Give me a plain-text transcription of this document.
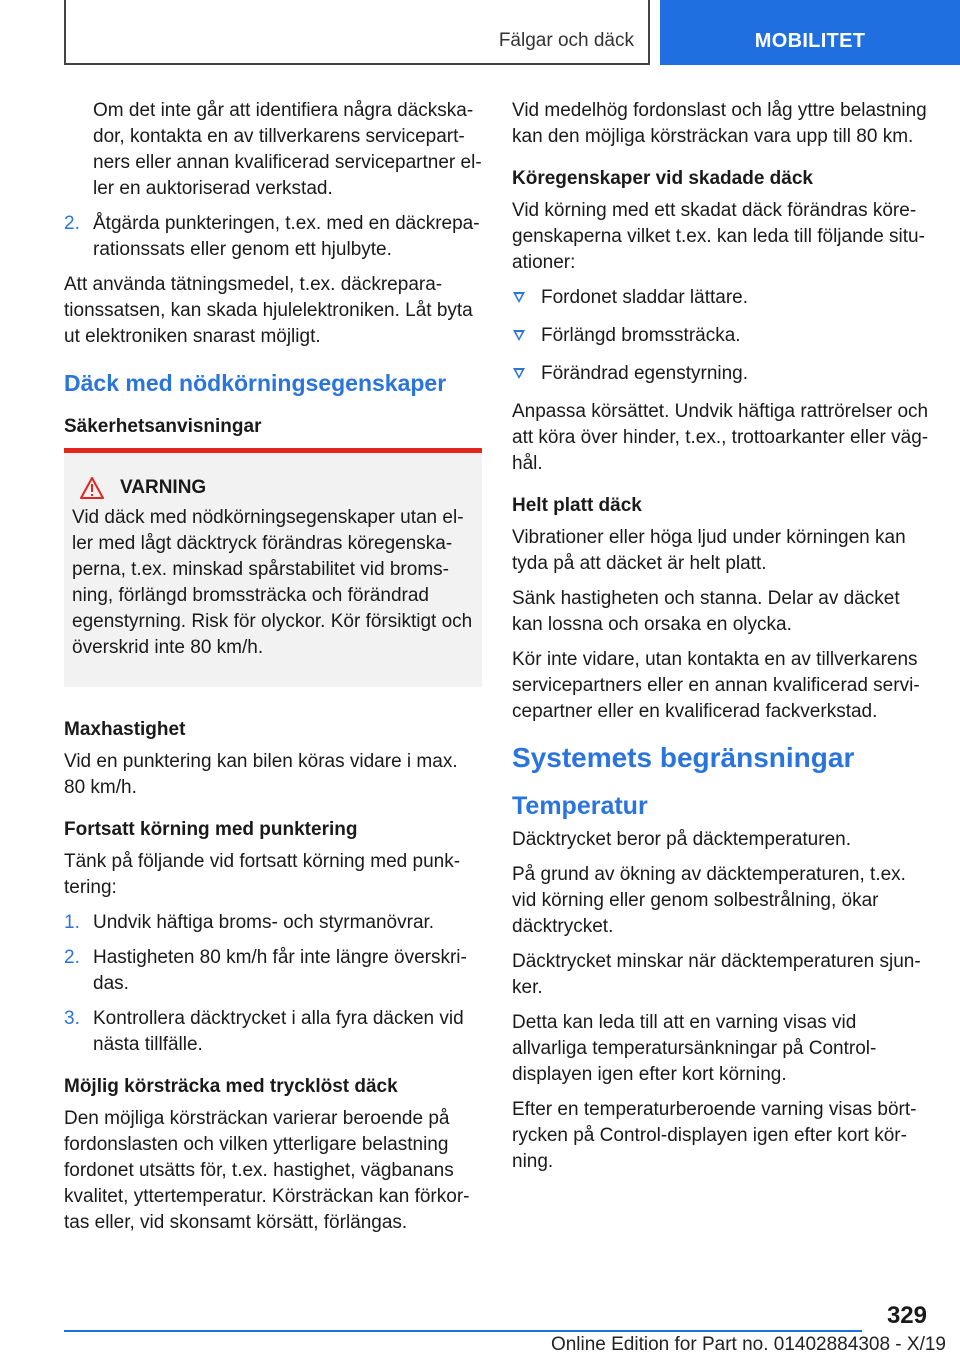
Fälgar och däck	MOBILITET

Om det inte går att identifiera några däckskador, kontakta en av tillverkarens servicepartners eller annan kvalificerad servicepartner eller en auktoriserad verkstad.

2. Åtgärda punkteringen, t.ex. med en däckreparationssats eller genom ett hjulbyte.

Att använda tätningsmedel, t.ex. däckreparationssatsen, kan skada hjulelektroniken. Låt byta ut elektroniken snarast möjligt.

Däck med nödkörningsegenskaper
Säkerhetsanvisningar
VARNING

Vid däck med nödkörningsegenskaper utan eller med lågt däcktryck förändras köregenskaperna, t.ex. minskad spårstabilitet vid bromsning, förlängd bromssträcka och förändrad egenstyrning. Risk för olyckor. Kör försiktigt och överskrid inte 80 km/h.

Maxhastighet

Vid en punktering kan bilen köras vidare i max. 80 km/h.

Fortsatt körning med punktering

Tänk på följande vid fortsatt körning med punktering:

1. Undvik häftiga broms- och styrmanövrar.
2. Hastigheten 80 km/h får inte längre överskridas.
3. Kontrollera däcktrycket i alla fyra däcken vid nästa tillfälle.
Möjlig körsträcka med trycklöst däck

Den möjliga körsträckan varierar beroende på fordonslasten och vilken ytterligare belastning fordonet utsätts för, t.ex. hastighet, vägbanans kvalitet, yttertemperatur. Körsträckan kan förkortas eller, vid skonsamt körsätt, förlängas.

Vid medelhög fordonslast och låg yttre belastning kan den möjliga körsträckan vara upp till 80 km.

Köregenskaper vid skadade däck

Vid körning med ett skadat däck förändras köregenskaperna vilket t.ex. kan leda till följande situationer:

Fordonet sladdar lättare.
Förlängd bromssträcka.
Förändrad egenstyrning.

Anpassa körsättet. Undvik häftiga rattrörelser och att köra över hinder, t.ex., trottoarkanter eller väghål.

Helt platt däck

Vibrationer eller höga ljud under körningen kan tyda på att däcket är helt platt.

Sänk hastigheten och stanna. Delar av däcket kan lossna och orsaka en olycka.

Kör inte vidare, utan kontakta en av tillverkarens servicepartners eller en annan kvalificerad servicepartner eller en kvalificerad fackverkstad.

Systemets begränsningar
Temperatur

Däcktrycket beror på däcktemperaturen.

På grund av ökning av däcktemperaturen, t.ex. vid körning eller genom solbestrålning, ökar däcktrycket.

Däcktrycket minskar när däcktemperaturen sjunker.

Detta kan leda till att en varning visas vid allvarliga temperatursänkningar på Control-displayen igen efter kort körning.

Efter en temperaturberoende varning visas börtrycken på Control-displayen igen efter kort körning.

329
Online Edition for Part no. 01402884308 - X/19
